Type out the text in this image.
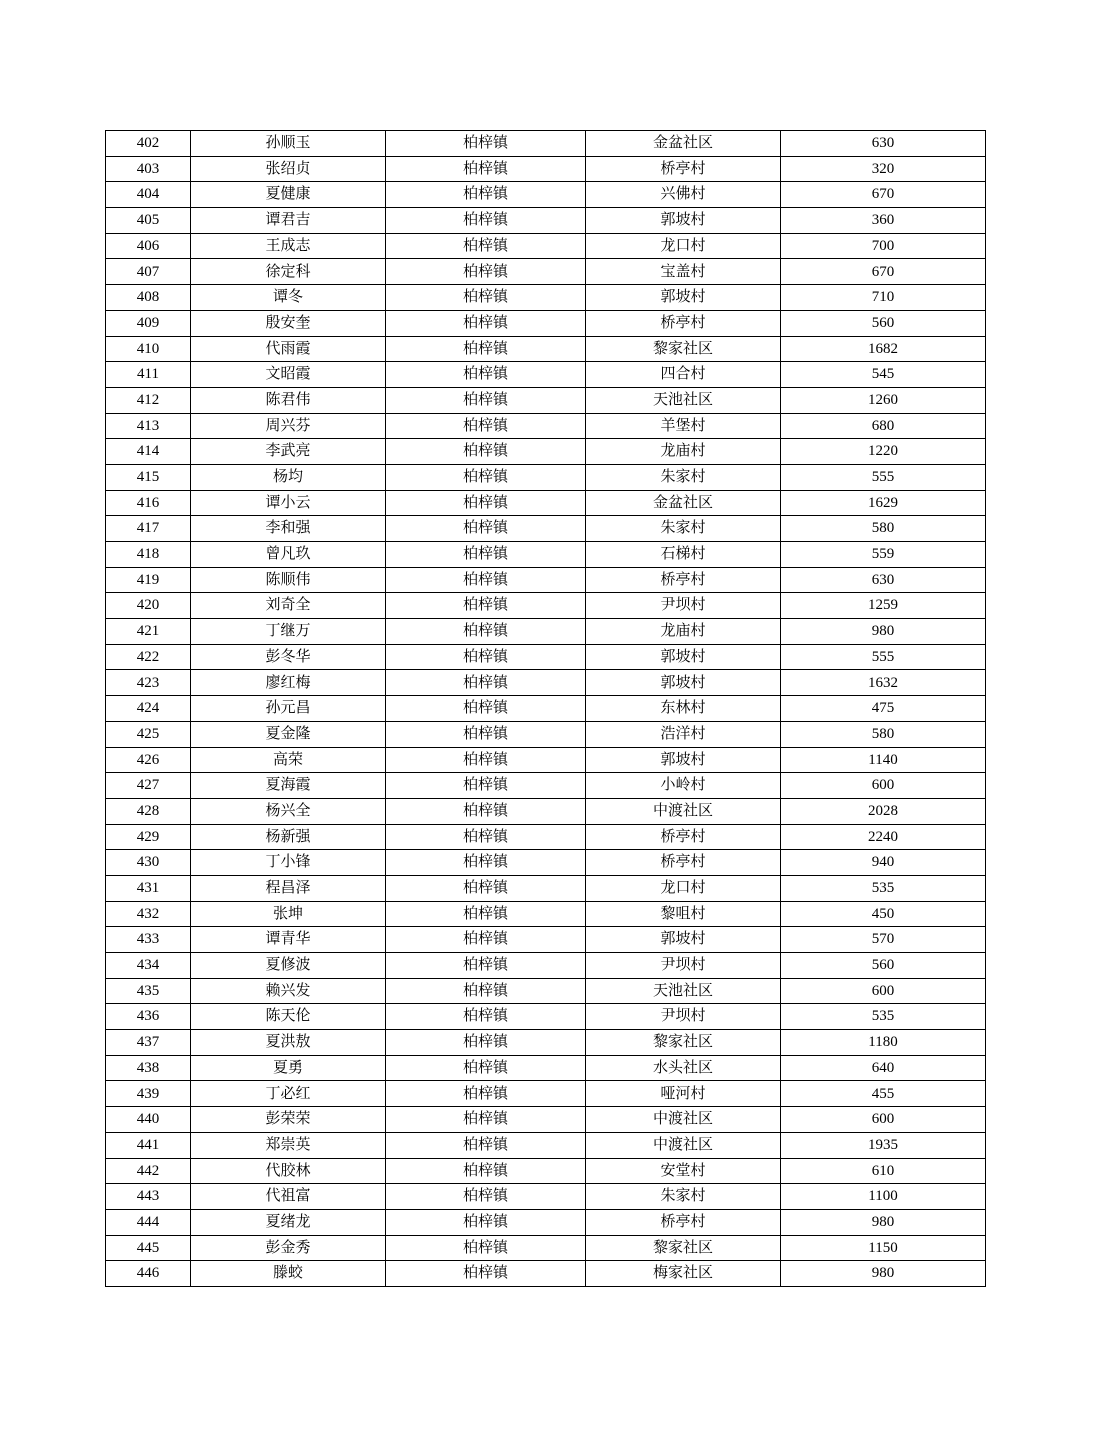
402	孙顺玉	柏梓镇	金盆社区	630
403	张绍贞	柏梓镇	桥亭村	320
404	夏健康	柏梓镇	兴佛村	670
405	谭君吉	柏梓镇	郭坡村	360
406	王成志	柏梓镇	龙口村	700
407	徐定科	柏梓镇	宝盖村	670
408	谭冬	柏梓镇	郭坡村	710
409	殷安奎	柏梓镇	桥亭村	560
410	代雨霞	柏梓镇	黎家社区	1682
411	文昭霞	柏梓镇	四合村	545
412	陈君伟	柏梓镇	天池社区	1260
413	周兴芬	柏梓镇	羊堡村	680
414	李武亮	柏梓镇	龙庙村	1220
415	杨均	柏梓镇	朱家村	555
416	谭小云	柏梓镇	金盆社区	1629
417	李和强	柏梓镇	朱家村	580
418	曾凡玖	柏梓镇	石梯村	559
419	陈顺伟	柏梓镇	桥亭村	630
420	刘奇全	柏梓镇	尹坝村	1259
421	丁继万	柏梓镇	龙庙村	980
422	彭冬华	柏梓镇	郭坡村	555
423	廖红梅	柏梓镇	郭坡村	1632
424	孙元昌	柏梓镇	东林村	475
425	夏金隆	柏梓镇	浩洋村	580
426	高荣	柏梓镇	郭坡村	1140
427	夏海霞	柏梓镇	小岭村	600
428	杨兴全	柏梓镇	中渡社区	2028
429	杨新强	柏梓镇	桥亭村	2240
430	丁小锋	柏梓镇	桥亭村	940
431	程昌泽	柏梓镇	龙口村	535
432	张坤	柏梓镇	黎咀村	450
433	谭青华	柏梓镇	郭坡村	570
434	夏修波	柏梓镇	尹坝村	560
435	赖兴发	柏梓镇	天池社区	600
436	陈天伦	柏梓镇	尹坝村	535
437	夏洪敖	柏梓镇	黎家社区	1180
438	夏勇	柏梓镇	水头社区	640
439	丁必红	柏梓镇	哑河村	455
440	彭荣荣	柏梓镇	中渡社区	600
441	郑崇英	柏梓镇	中渡社区	1935
442	代胶林	柏梓镇	安堂村	610
443	代祖富	柏梓镇	朱家村	1100
444	夏绪龙	柏梓镇	桥亭村	980
445	彭金秀	柏梓镇	黎家社区	1150
446	滕蛟	柏梓镇	梅家社区	980
